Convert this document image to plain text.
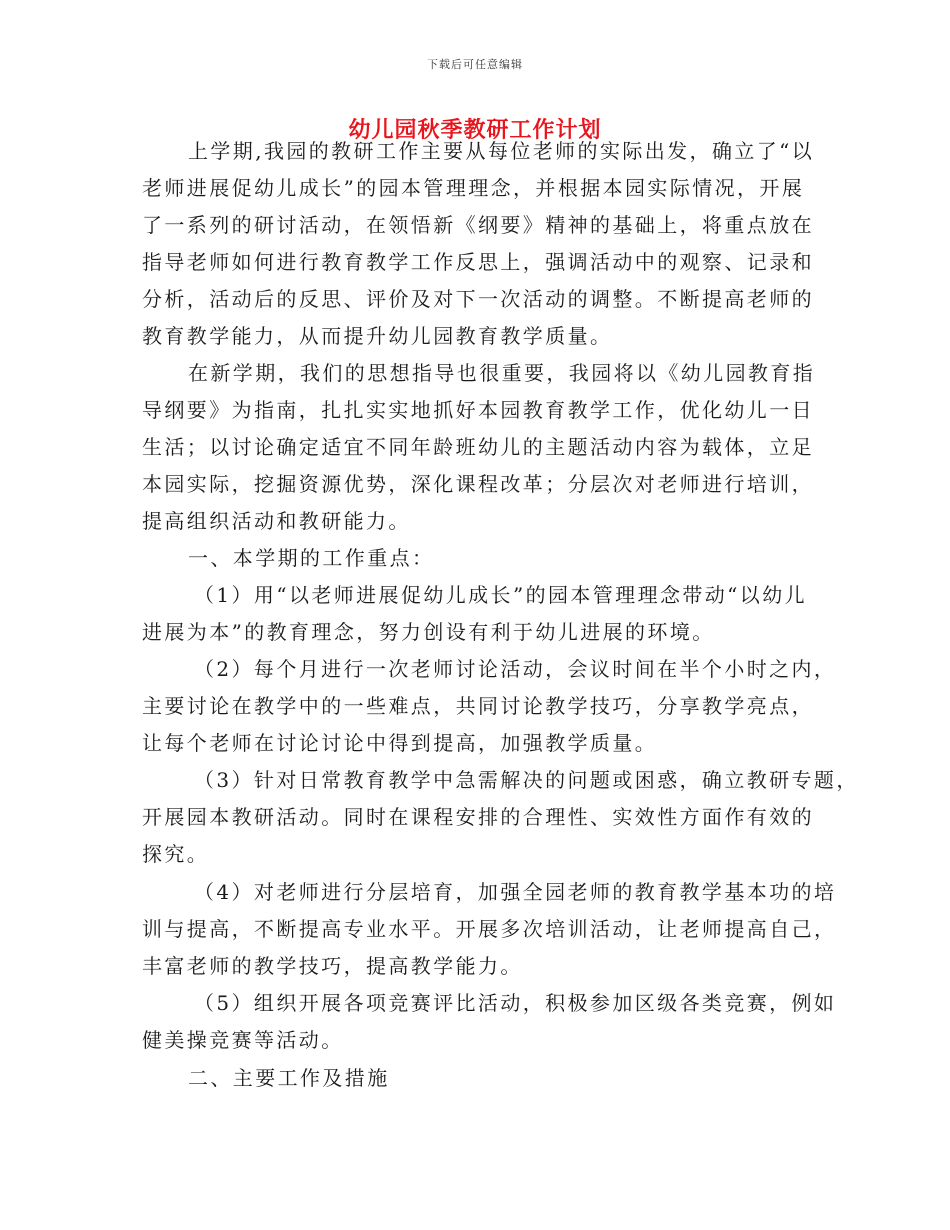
下载后可任意编辑
幼儿园秋季教研工作计划
上学期,我园的教研工作主要从每位老师的实际出发，确立了“以
老师进展促幼儿成长”的园本管理理念，并根据本园实际情况，开展
了一系列的研讨活动，在领悟新《纲要》精神的基础上，将重点放在
指导老师如何进行教育教学工作反思上，强调活动中的观察、记录和
分析，活动后的反思、评价及对下一次活动的调整。不断提高老师的
教育教学能力，从而提升幼儿园教育教学质量。
在新学期，我们的思想指导也很重要，我园将以《幼儿园教育指
导纲要》为指南，扎扎实实地抓好本园教育教学工作，优化幼儿一日
生活；以讨论确定适宜不同年龄班幼儿的主题活动内容为载体，立足
本园实际，挖掘资源优势，深化课程改革；分层次对老师进行培训，
提高组织活动和教研能力。
一、本学期的工作重点：
（1）用“以老师进展促幼儿成长”的园本管理理念带动“以幼儿
进展为本”的教育理念，努力创设有利于幼儿进展的环境。
（2）每个月进行一次老师讨论活动，会议时间在半个小时之内，
主要讨论在教学中的一些难点，共同讨论教学技巧，分享教学亮点，
让每个老师在讨论讨论中得到提高，加强教学质量。
（3）针对日常教育教学中急需解决的问题或困惑，确立教研专题，
开展园本教研活动。同时在课程安排的合理性、实效性方面作有效的
探究。
（4）对老师进行分层培育，加强全园老师的教育教学基本功的培
训与提高，不断提高专业水平。开展多次培训活动，让老师提高自己，
丰富老师的教学技巧，提高教学能力。
（5）组织开展各项竞赛评比活动，积极参加区级各类竞赛，例如
健美操竞赛等活动。
二、主要工作及措施
